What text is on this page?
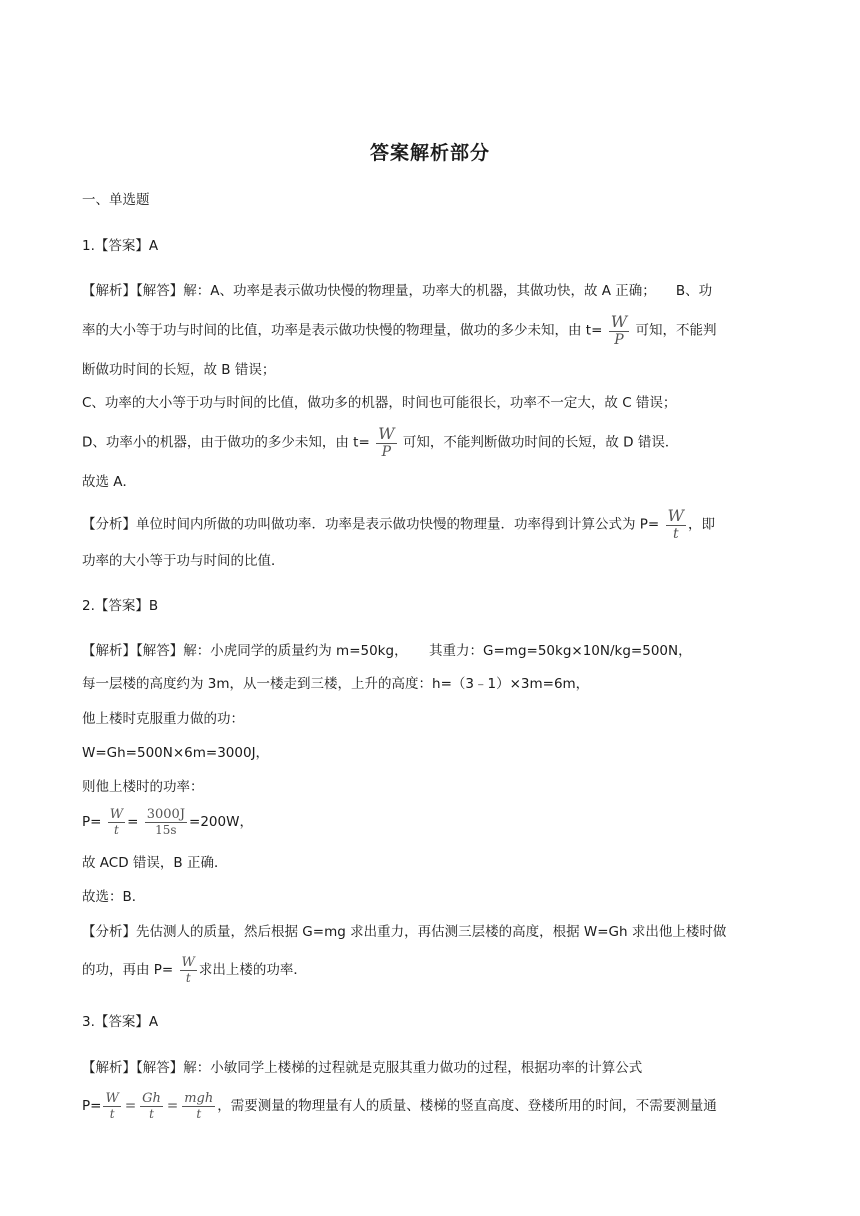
答案解析部分
一、单选题
1.【答案】A
【解析】【解答】解：A、功率是表示做功快慢的物理量，功率大的机器，其做功快，故 A 正确； B、功
率的大小等于功与时间的比值，功率是表示做功快慢的物理量，做功的多少未知，由 $t= \frac{W}{P}$ 可知，不能判
断做功时间的长短，故 B 错误；
C、功率的大小等于功与时间的比值，做功多的机器，时间也可能很长，功率不一定大，故 C 错误；
D、功率小的机器，由于做功的多少未知，由 $t= \frac{W}{P}$ 可知，不能判断做功时间的长短，故 D 错误．
故选 A．
【分析】单位时间内所做的功叫做功率．功率是表示做功快慢的物理量．功率得到计算公式为 $P= \frac{W}{t}$ ，即
功率的大小等于功与时间的比值．
2.【答案】B
【解析】【解答】解：小虎同学的质量约为 m=50kg，     其重力：G=mg=50kg×10N/kg=500N，
每一层楼的高度约为 3m，从一楼走到三楼，上升的高度：h=（3﹣1）×3m=6m，
他上楼时克服重力做的功：
W=Gh=500N×6m=3000J，
则他上楼时的功率：
$P= \frac{W}{t} = \frac{3000J}{15s} =200W$，
故 ACD 错误，B 正确．
故选：B．
【分析】先估测人的质量，然后根据 G=mg 求出重力，再估测三层楼的高度，根据 W=Gh 求出他上楼时做
的功，再由 $P= \frac{W}{t}$ 求出上楼的功率．
3.【答案】A
【解析】【解答】解：小敏同学上楼梯的过程就是克服其重力做功的过程，根据功率的计算公式
$P= \frac{W}{t} = \frac{Gh}{t} = \frac{\text{mgh}}{t}$ ，需要测量的物理量有人的质量、楼梯的竖直高度、登楼所用的时间，不需要测量通
